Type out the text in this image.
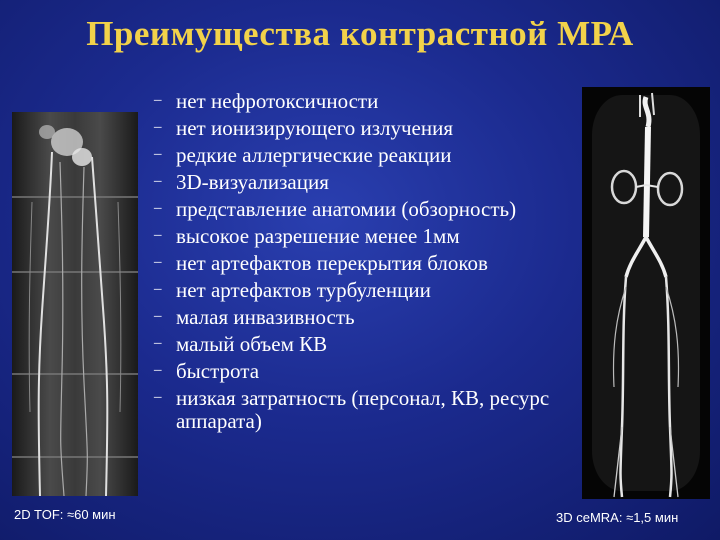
Преимущества контрастной МРА
– нет нефротоксичности
– нет ионизирующего излучения
– редкие аллергические реакции
– 3D-визуализация
– представление анатомии (обзорность)
– высокое разрешение менее 1мм
– нет артефактов перекрытия блоков
– нет артефактов турбуленции
– малая инвазивность
– малый объем КВ
– быстрота
– низкая затратность (персонал, КВ, ресурс аппарата)
2D TOF: ≈60 мин	3D ceMRA: ≈1,5 мин
